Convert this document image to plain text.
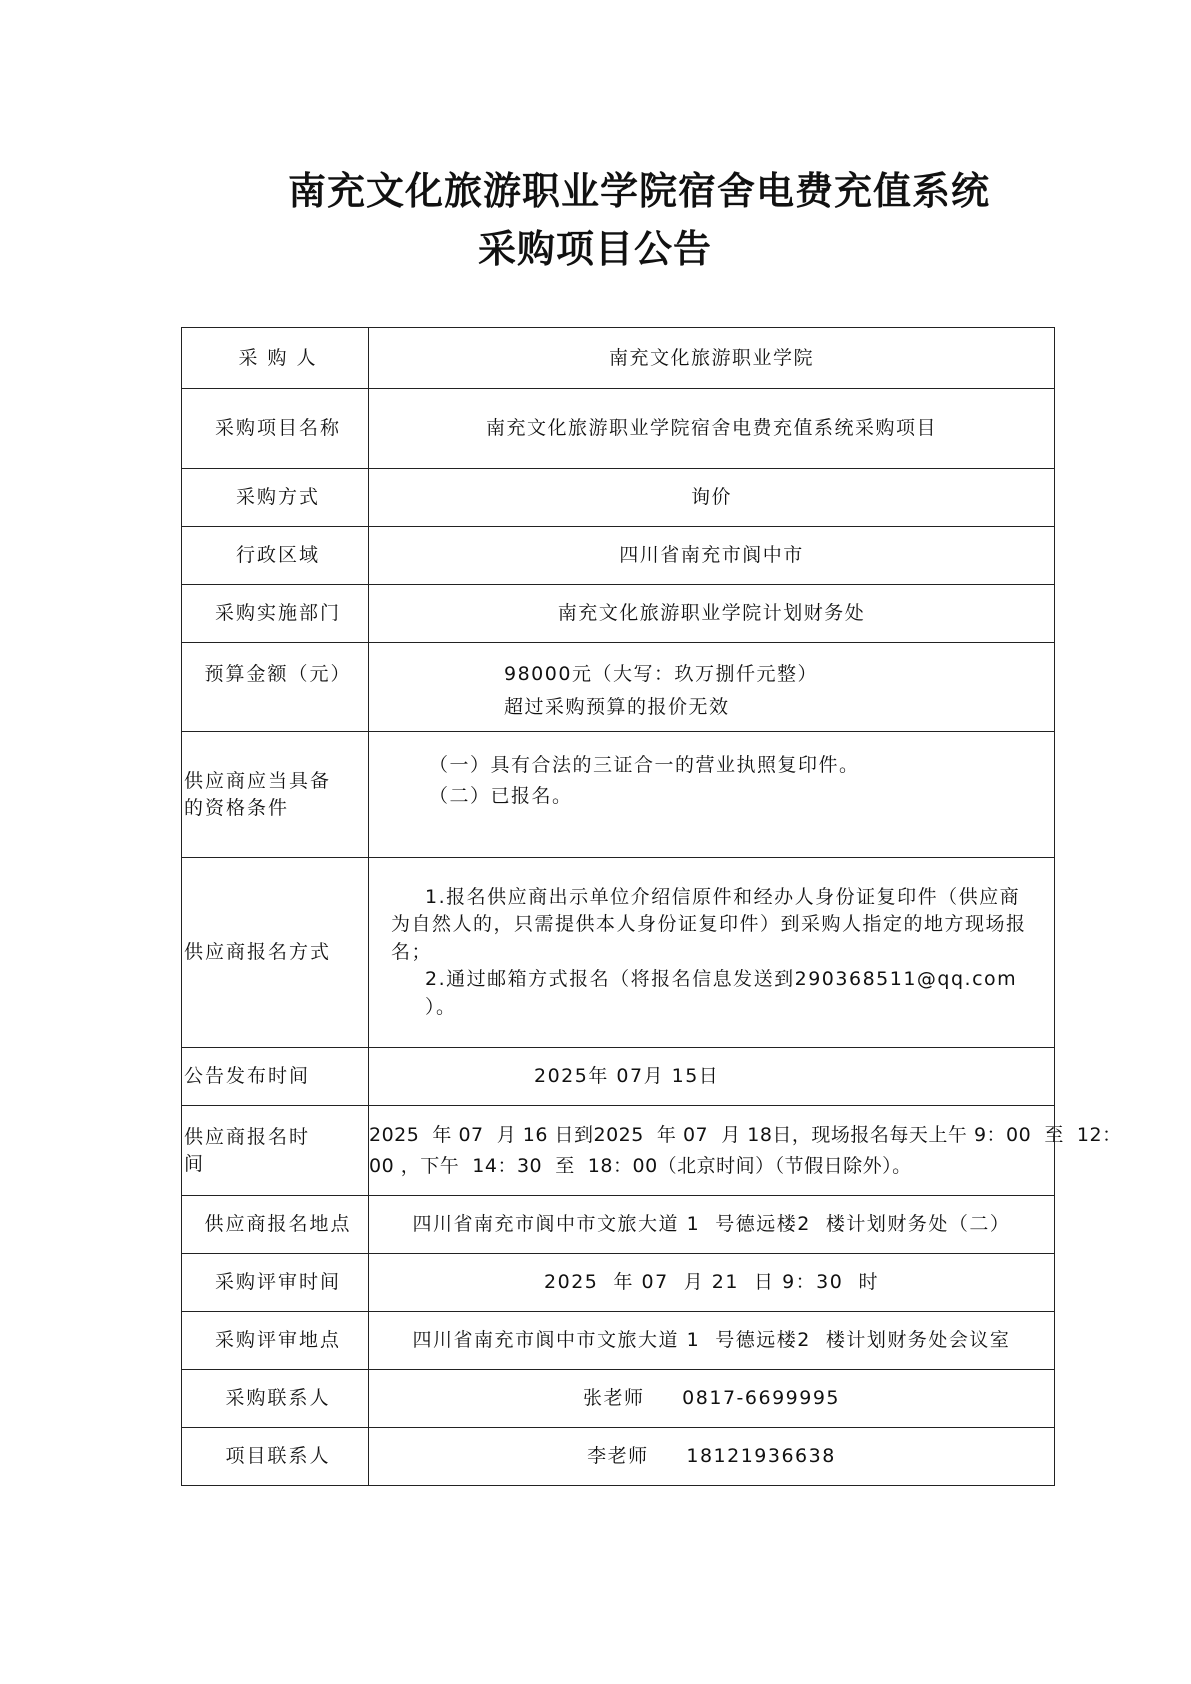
南充文化旅游职业学院宿舍电费充值系统
采购项目公告
采 购 人	南充文化旅游职业学院
采购项目名称	南充文化旅游职业学院宿舍电费充值系统采购项目
采购方式	询价
行政区域	四川省南充市阆中市
采购实施部门	南充文化旅游职业学院计划财务处
预算金额（元）	98000元（大写：玖万捌仟元整）
超过采购预算的报价无效

供应商应当具备
的资格条件	（一）具有合法的三证合一的营业执照复印件。
（二）已报名。

供应商报名方式	1.报名供应商出示单位介绍信原件和经办人身份证复印件（供应商为自然人的，只需提供本人身份证复印件）到采购人指定的地方现场报名；

2.通过邮箱方式报名（将报名信息发送到290368511@qq.com ）。

公告发布时间	2025年 07月 15日

供应商报名时
间	2025  年 07  月 16 日到2025  年 07  月 18日，现场报名每天上午 9：00  至  12：
00 ，下午  14：30  至  18：00（北京时间）（节假日除外）。

供应商报名地点	四川省南充市阆中市文旅大道 1  号德远楼2  楼计划财务处（二）
采购评审时间	2025  年 07  月 21  日 9：30  时
采购评审地点	四川省南充市阆中市文旅大道 1  号德远楼2  楼计划财务处会议室
采购联系人	张老师     0817-6699995
项目联系人	李老师     18121936638
